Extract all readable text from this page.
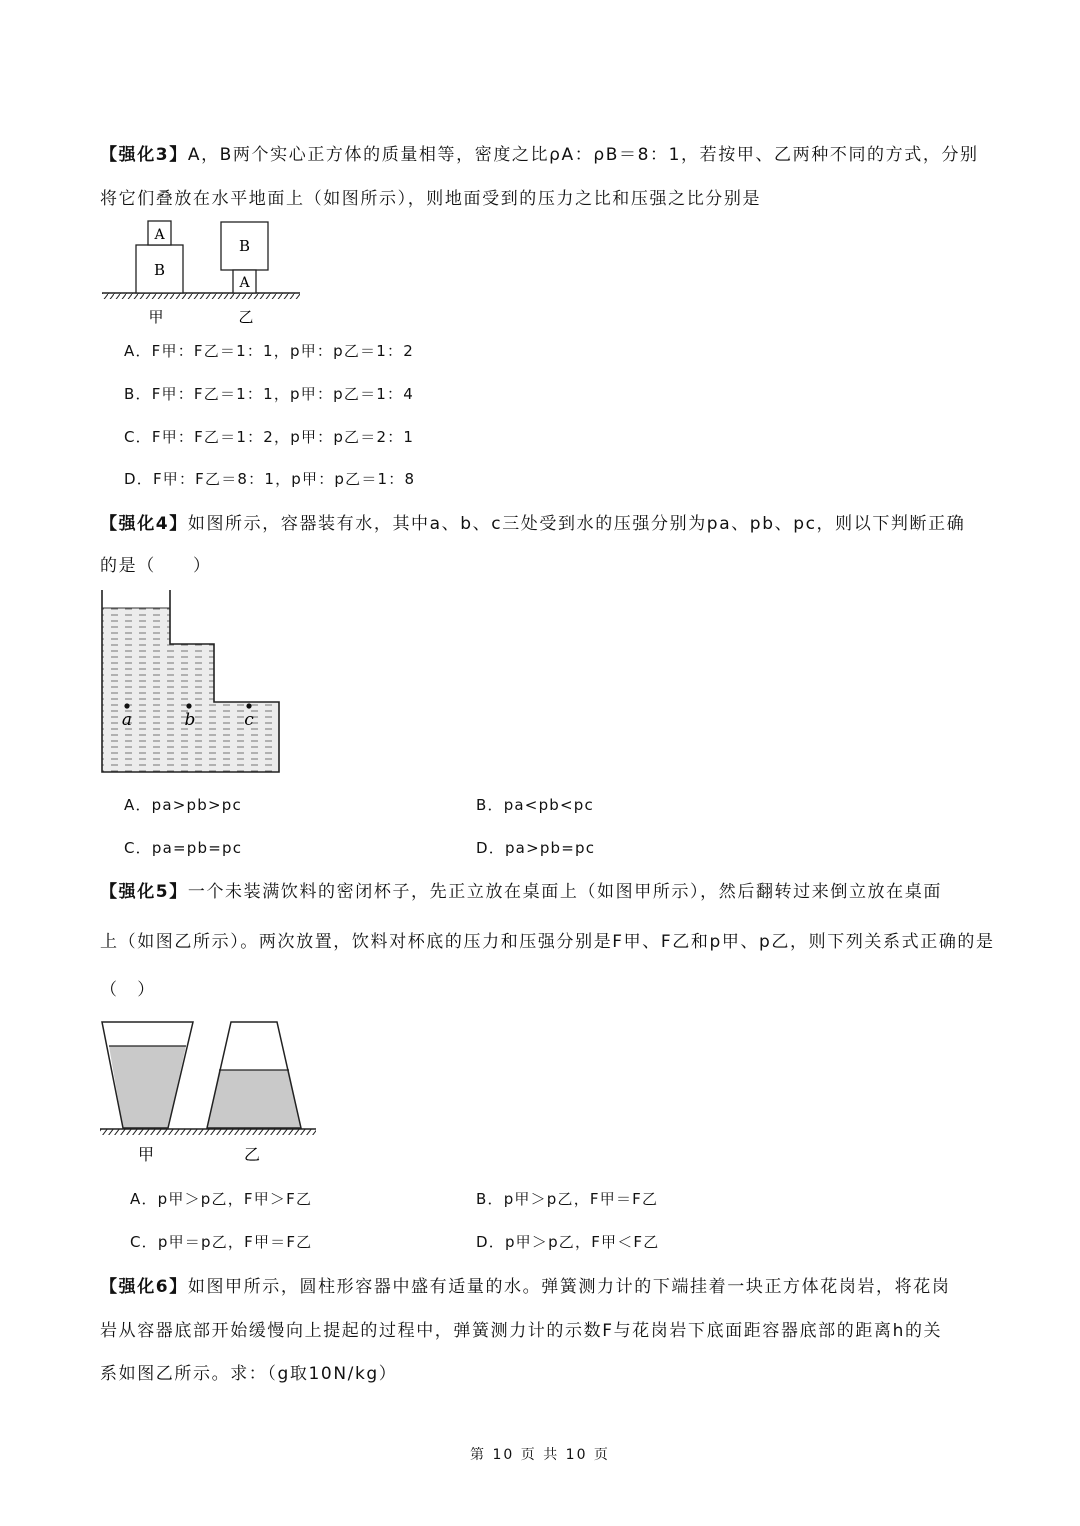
【强化3】A，B两个实心正方体的质量相等，密度之比ρA：ρB＝8：1，若按甲、乙两种不同的方式，分别
将它们叠放在水平地面上（如图所示），则地面受到的压力之比和压强之比分别是
B
A
B
A
甲	乙
A．F甲：F乙＝1：1，p甲：p乙＝1：2
B．F甲：F乙＝1：1，p甲：p乙＝1：4
C．F甲：F乙＝1：2，p甲：p乙＝2：1
D．F甲：F乙＝8：1，p甲：p乙＝1：8
【强化4】如图所示，容器装有水，其中a、b、c三处受到水的压强分别为pa、pb、pc，则以下判断正确
的是（　　）
a	b	c
A．pa>pb>pc	B．pa<pb<pc
C．pa=pb=pc	D．pa>pb=pc
【强化5】一个未装满饮料的密闭杯子，先正立放在桌面上（如图甲所示），然后翻转过来倒立放在桌面
上（如图乙所示）。两次放置，饮料对杯底的压力和压强分别是F甲、F乙和p甲、p乙，则下列关系式正确的是
（　）
甲	乙
A．p甲＞p乙，F甲＞F乙	B．p甲＞p乙，F甲＝F乙
C．p甲＝p乙，F甲＝F乙	D．p甲＞p乙，F甲＜F乙
【强化6】如图甲所示，圆柱形容器中盛有适量的水。弹簧测力计的下端挂着一块正方体花岗岩，将花岗
岩从容器底部开始缓慢向上提起的过程中，弹簧测力计的示数F与花岗岩下底面距容器底部的距离h的关
系如图乙所示。求：（g取10N/kg）
第 10 页 共 10 页
